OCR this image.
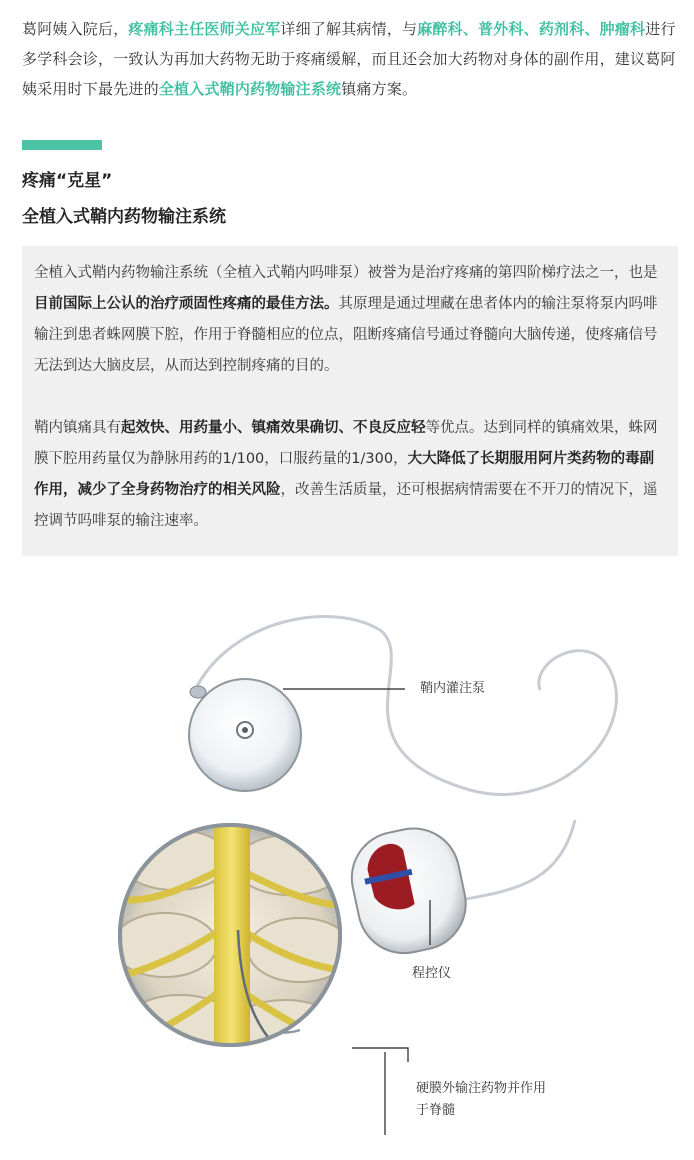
葛阿姨入院后，疼痛科主任医师关应军详细了解其病情，与麻醉科、普外科、药剂科、肿瘤科进行多学科会诊，一致认为再加大药物无助于疼痛缓解，而且还会加大药物对身体的副作用，建议葛阿姨采用时下最先进的全植入式鞘内药物输注系统镇痛方案。
疼痛“克星”
全植入式鞘内药物输注系统

全植入式鞘内药物输注系统（全植入式鞘内吗啡泵）被誉为是治疗疼痛的第四阶梯疗法之一，也是目前国际上公认的治疗顽固性疼痛的最佳方法。其原理是通过埋藏在患者体内的输注泵将泵内吗啡输注到患者蛛网膜下腔，作用于脊髓相应的位点，阻断疼痛信号通过脊髓向大脑传递，使疼痛信号无法到达大脑皮层，从而达到控制疼痛的目的。

鞘内镇痛具有起效快、用药量小、镇痛效果确切、不良反应轻等优点。达到同样的镇痛效果，蛛网膜下腔用药量仅为静脉用药的1/100，口服药量的1/300，大大降低了长期服用阿片类药物的毒副作用，减少了全身药物治疗的相关风险，改善生活质量，还可根据病情需要在不开刀的情况下，遥控调节吗啡泵的输注速率。

鞘内灌注泵
程控仪
硬膜外输注药物并作用
于脊髓
